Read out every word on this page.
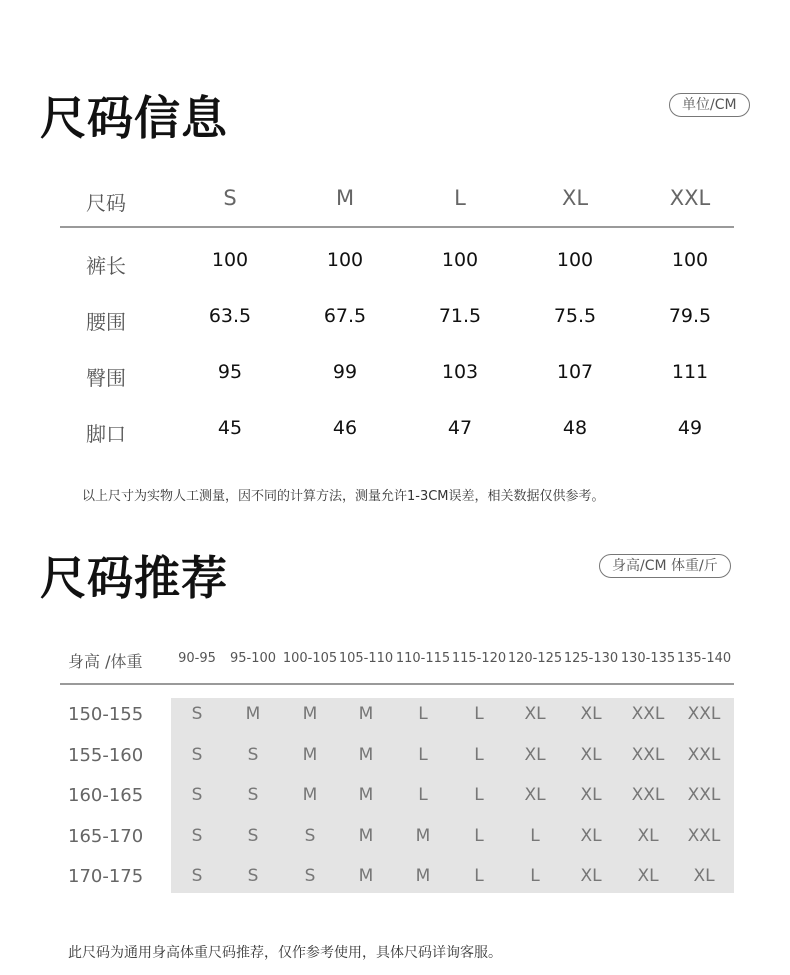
尺码信息	单位/CM
尺码	S	M	L	XL	XXL
裤长	100	100	100	100	100
腰围	63.5	67.5	71.5	75.5	79.5
臀围	95	99	103	107	111
脚口	45	46	47	48	49
以上尺寸为实物人工测量，因不同的计算方法，测量允许1-3CM误差，相关数据仅供参考。
尺码推荐	身高/CM 体重/斤
身高 /体重	90-95	95-100 100-105 105-110 110-115 115-120 120-125 125-130 130-135 135-140
150-155	S	M	M	M	L	L	XL	XL	XXL	XXL
155-160	S	S	M	M	L	L	XL	XL	XXL	XXL
160-165	S	S	M	M	L	L	XL	XL	XXL	XXL
165-170	S	S	S	M	M	L	L	XL	XL	XXL
170-175	S	S	S	M	M	L	L	XL	XL	XL
此尺码为通用身高体重尺码推荐，仅作参考使用，具体尺码详询客服。
